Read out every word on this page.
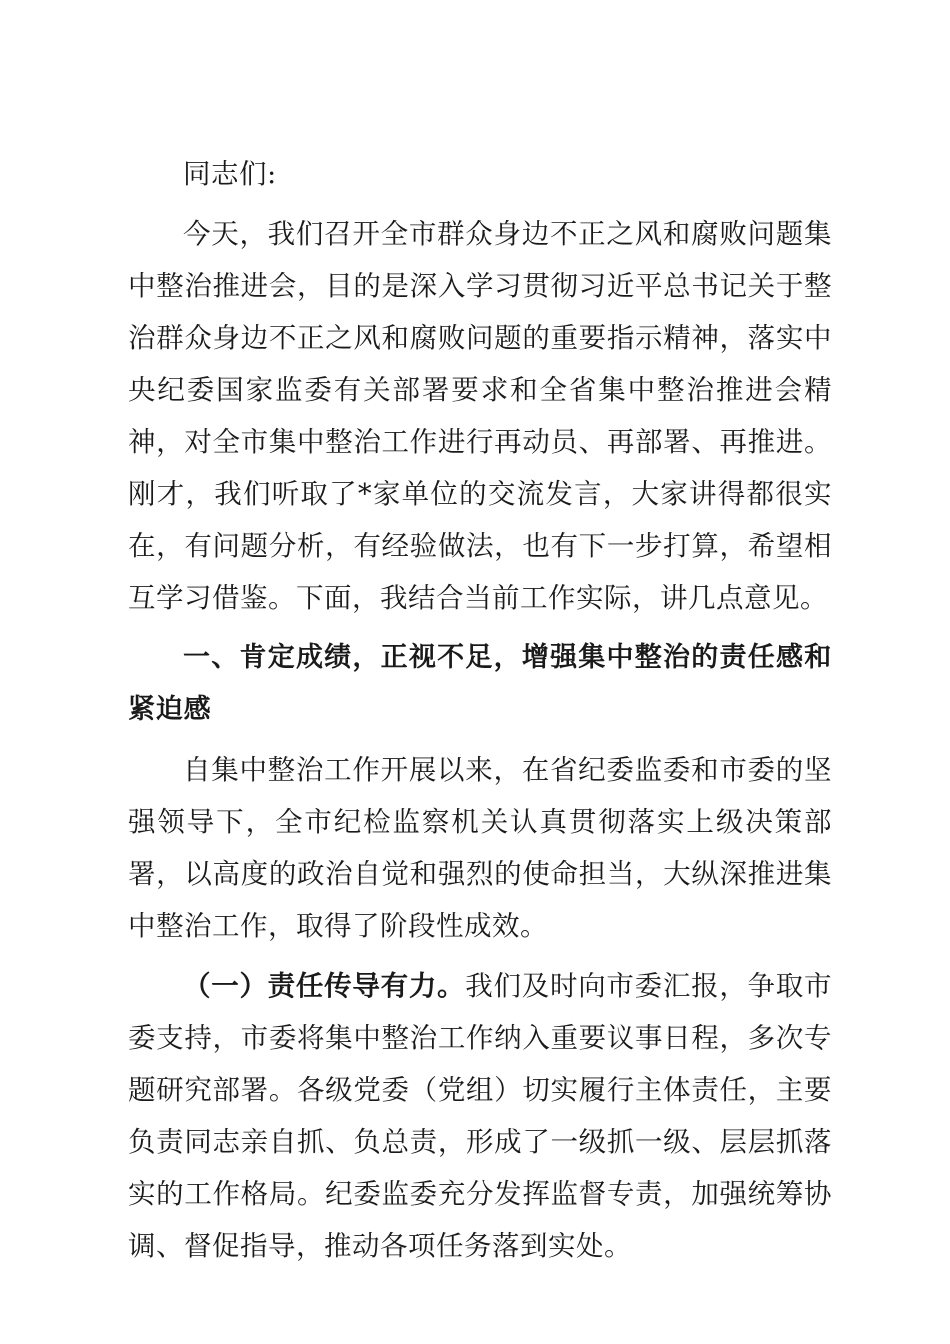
同志们:

今天，我们召开全市群众身边不正之风和腐败问题集中整治推进会，目的是深入学习贯彻习近平总书记关于整治群众身边不正之风和腐败问题的重要指示精神，落实中央纪委国家监委有关部署要求和全省集中整治推进会精神，对全市集中整治工作进行再动员、再部署、再推进。刚才，我们听取了*家单位的交流发言，大家讲得都很实在，有问题分析，有经验做法，也有下一步打算，希望相互学习借鉴。下面，我结合当前工作实际，讲几点意见。

一、肯定成绩，正视不足，增强集中整治的责任感和紧迫感

自集中整治工作开展以来，在省纪委监委和市委的坚强领导下，全市纪检监察机关认真贯彻落实上级决策部署，以高度的政治自觉和强烈的使命担当，大纵深推进集中整治工作，取得了阶段性成效。

（一）责任传导有力。我们及时向市委汇报，争取市委支持，市委将集中整治工作纳入重要议事日程，多次专题研究部署。各级党委（党组）切实履行主体责任，主要负责同志亲自抓、负总责，形成了一级抓一级、层层抓落实的工作格局。纪委监委充分发挥监督专责，加强统筹协调、督促指导，推动各项任务落到实处。
